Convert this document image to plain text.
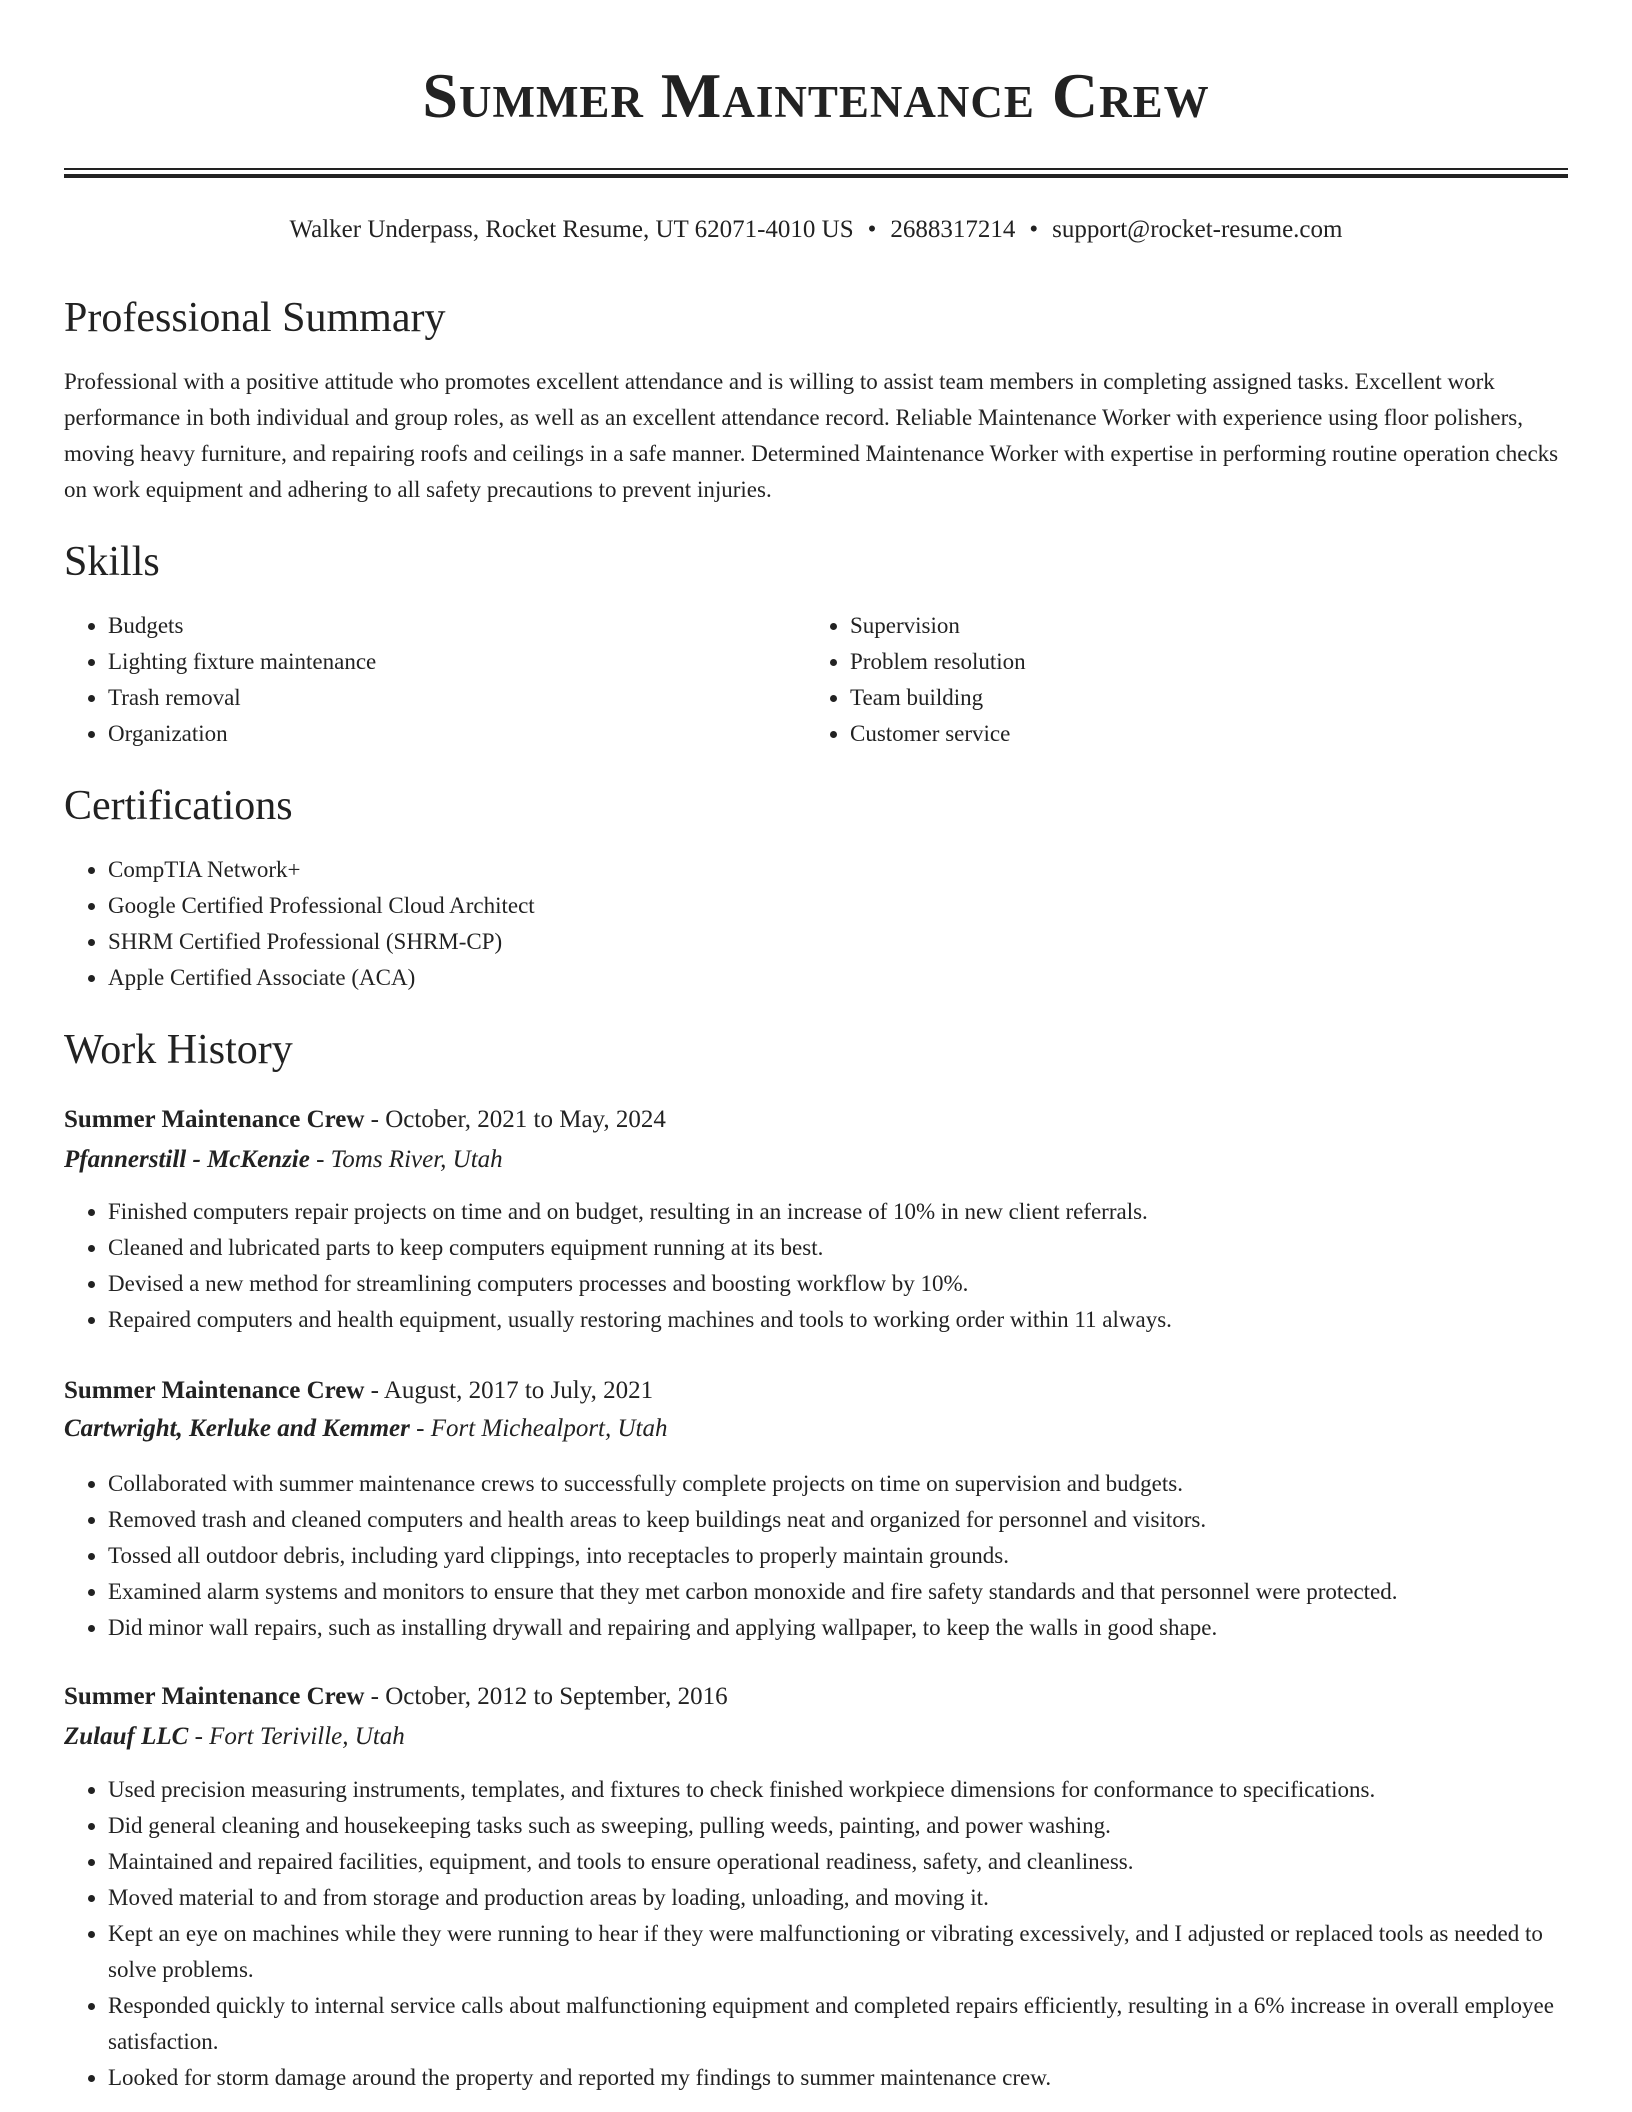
Summer Maintenance Crew
Walker Underpass, Rocket Resume, UT 62071-4010 US • 2688317214 • support@rocket-resume.com
Professional Summary

Professional with a positive attitude who promotes excellent attendance and is willing to assist team members in completing assigned tasks. Excellent work performance in both individual and group roles, as well as an excellent attendance record. Reliable Maintenance Worker with experience using floor polishers, moving heavy furniture, and repairing roofs and ceilings in a safe manner. Determined Maintenance Worker with expertise in performing routine operation checks on work equipment and adhering to all safety precautions to prevent injuries.

Skills
• Budgets
• Lighting fixture maintenance
• Trash removal
• Organization
• Supervision
• Problem resolution
• Team building
• Customer service
Certifications
• CompTIA Network+
• Google Certified Professional Cloud Architect
• SHRM Certified Professional (SHRM-CP)
• Apple Certified Associate (ACA)
Work History
Summer Maintenance Crew - October, 2021 to May, 2024
Pfannerstill - McKenzie - Toms River, Utah
• Finished computers repair projects on time and on budget, resulting in an increase of 10% in new client referrals.
• Cleaned and lubricated parts to keep computers equipment running at its best.
• Devised a new method for streamlining computers processes and boosting workflow by 10%.
• Repaired computers and health equipment, usually restoring machines and tools to working order within 11 always.
Summer Maintenance Crew - August, 2017 to July, 2021
Cartwright, Kerluke and Kemmer - Fort Michealport, Utah
• Collaborated with summer maintenance crews to successfully complete projects on time on supervision and budgets.
• Removed trash and cleaned computers and health areas to keep buildings neat and organized for personnel and visitors.
• Tossed all outdoor debris, including yard clippings, into receptacles to properly maintain grounds.
• Examined alarm systems and monitors to ensure that they met carbon monoxide and fire safety standards and that personnel were protected.
• Did minor wall repairs, such as installing drywall and repairing and applying wallpaper, to keep the walls in good shape.
Summer Maintenance Crew - October, 2012 to September, 2016
Zulauf LLC - Fort Teriville, Utah
• Used precision measuring instruments, templates, and fixtures to check finished workpiece dimensions for conformance to specifications.
• Did general cleaning and housekeeping tasks such as sweeping, pulling weeds, painting, and power washing.
• Maintained and repaired facilities, equipment, and tools to ensure operational readiness, safety, and cleanliness.
• Moved material to and from storage and production areas by loading, unloading, and moving it.
• Kept an eye on machines while they were running to hear if they were malfunctioning or vibrating excessively, and I adjusted or replaced tools as needed to solve problems.
• Responded quickly to internal service calls about malfunctioning equipment and completed repairs efficiently, resulting in a 6% increase in overall employee satisfaction.
• Looked for storm damage around the property and reported my findings to summer maintenance crew.
